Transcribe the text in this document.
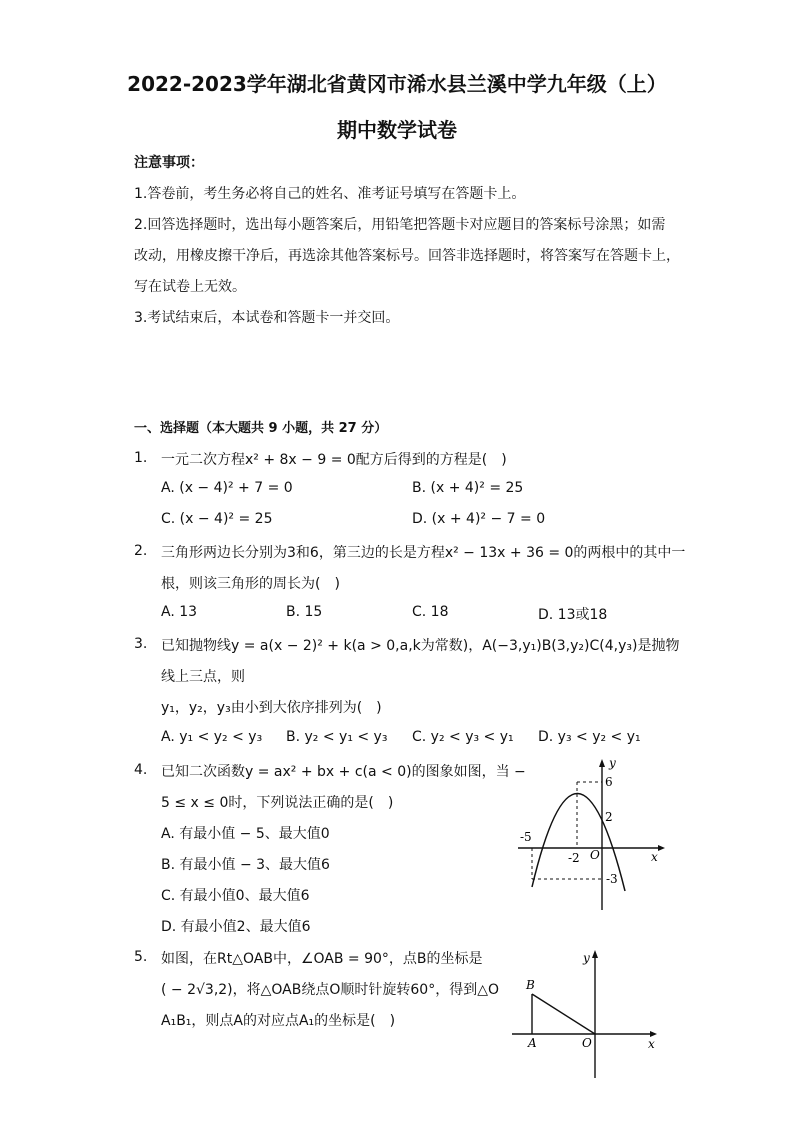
2022-2023学年湖北省黄冈市浠水县兰溪中学九年级（上）
期中数学试卷
注意事项：
1.答卷前，考生务必将自己的姓名、准考证号填写在答题卡上。
2.回答选择题时，选出每小题答案后，用铅笔把答题卡对应题目的答案标号涂黑；如需
改动，用橡皮擦干净后，再选涂其他答案标号。回答非选择题时，将答案写在答题卡上，
写在试卷上无效。
3.考试结束后，本试卷和答题卡一并交回。
一、选择题（本大题共 9 小题，共 27 分）
1. 一元二次方程x² + 8x − 9 = 0配方后得到的方程是(　)
A. (x − 4)² + 7 = 0	B. (x + 4)² = 25
C. (x − 4)² = 25	D. (x + 4)² − 7 = 0
2. 三角形两边长分别为3和6，第三边的长是方程x² − 13x + 36 = 0的两根中的其中一
根，则该三角形的周长为(　)
A. 13	B. 15	C. 18	D. 13或18
3. 已知抛物线y = a(x − 2)² + k(a > 0,a,k为常数)，A(−3,y₁)B(3,y₂)C(4,y₃)是抛物
线上三点，则
y₁，y₂，y₃由小到大依序排列为(　)
A. y₁ < y₂ < y₃ B. y₂ < y₁ < y₃ C. y₂ < y₃ < y₁ D. y₃ < y₂ < y₁
4. 已知二次函数y = ax² + bx + c(a < 0)的图象如图，当 −
5 ≤ x ≤ 0时，下列说法正确的是(　)
A. 有最小值 − 5、最大值0
B. 有最小值 − 3、最大值6
C. 有最小值0、最大值6
D. 有最小值2、最大值6
y
x
O
6
2
-5
-2
-3
5. 如图，在Rt△OAB中，∠OAB = 90°，点B的坐标是
( − 2√3,2)，将△OAB绕点O顺时针旋转60°，得到△O
A₁B₁，则点A的对应点A₁的坐标是(　)
y
x
O
A
B
